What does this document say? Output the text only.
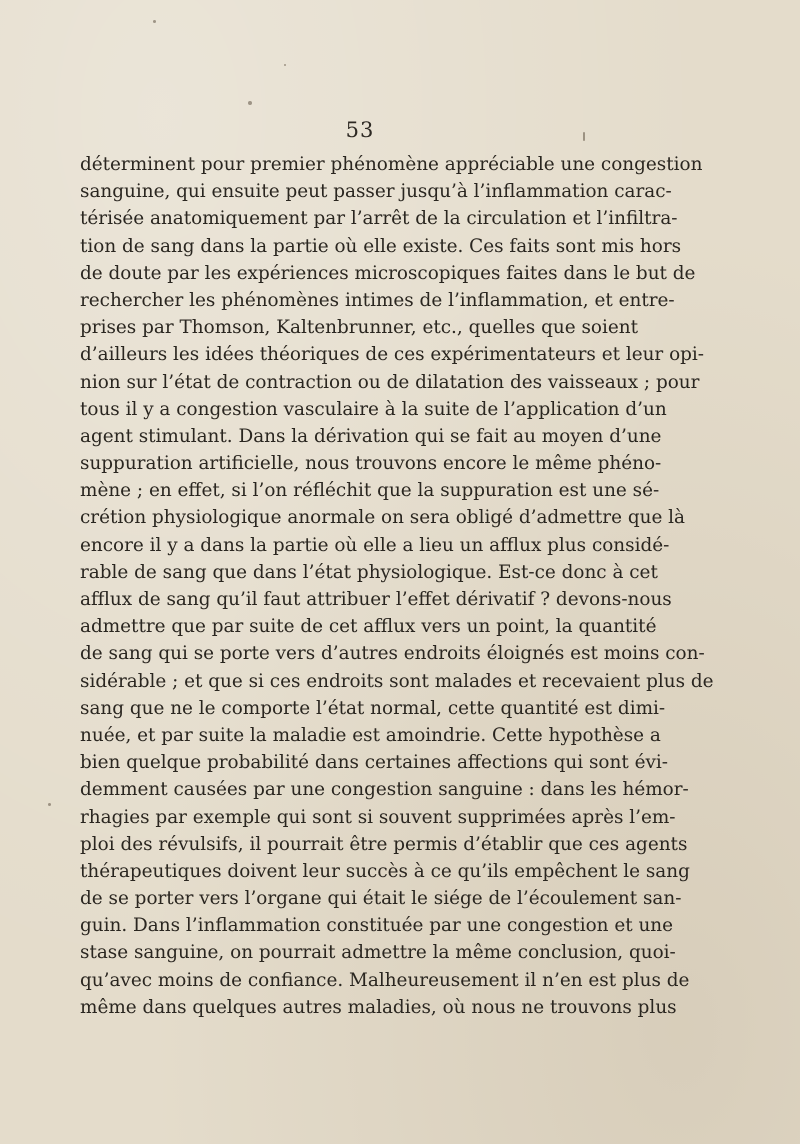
53
déterminent pour premier phénomène appréciable une congestion
sanguine, qui ensuite peut passer jusqu’à l’inflammation carac-
térisée anatomiquement par l’arrêt de la circulation et l’infiltra-
tion de sang dans la partie où elle existe. Ces faits sont mis hors
de doute par les expériences microscopiques faites dans le but de
rechercher les phénomènes intimes de l’inflammation, et entre-
prises par Thomson, Kaltenbrunner, etc., quelles que soient
d’ailleurs les idées théoriques de ces expérimentateurs et leur opi-
nion sur l’état de contraction ou de dilatation des vaisseaux ; pour
tous il y a congestion vasculaire à la suite de l’application d’un
agent stimulant. Dans la dérivation qui se fait au moyen d’une
suppuration artificielle, nous trouvons encore le même phéno-
mène ; en effet, si l’on réfléchit que la suppuration est une sé-
crétion physiologique anormale on sera obligé d’admettre que là
encore il y a dans la partie où elle a lieu un afflux plus considé-
rable de sang que dans l’état physiologique. Est-ce donc à cet
afflux de sang qu’il faut attribuer l’effet dérivatif ? devons-nous
admettre que par suite de cet afflux vers un point, la quantité
de sang qui se porte vers d’autres endroits éloignés est moins con-
sidérable ; et que si ces endroits sont malades et recevaient plus de
sang que ne le comporte l’état normal, cette quantité est dimi-
nuée, et par suite la maladie est amoindrie. Cette hypothèse a
bien quelque probabilité dans certaines affections qui sont évi-
demment causées par une congestion sanguine : dans les hémor-
rhagies par exemple qui sont si souvent supprimées après l’em-
ploi des révulsifs, il pourrait être permis d’établir que ces agents
thérapeutiques doivent leur succès à ce qu’ils empêchent le sang
de se porter vers l’organe qui était le siége de l’écoulement san-
guin. Dans l’inflammation constituée par une congestion et une
stase sanguine, on pourrait admettre la même conclusion, quoi-
qu’avec moins de confiance. Malheureusement il n’en est plus de
même dans quelques autres maladies, où nous ne trouvons plus
